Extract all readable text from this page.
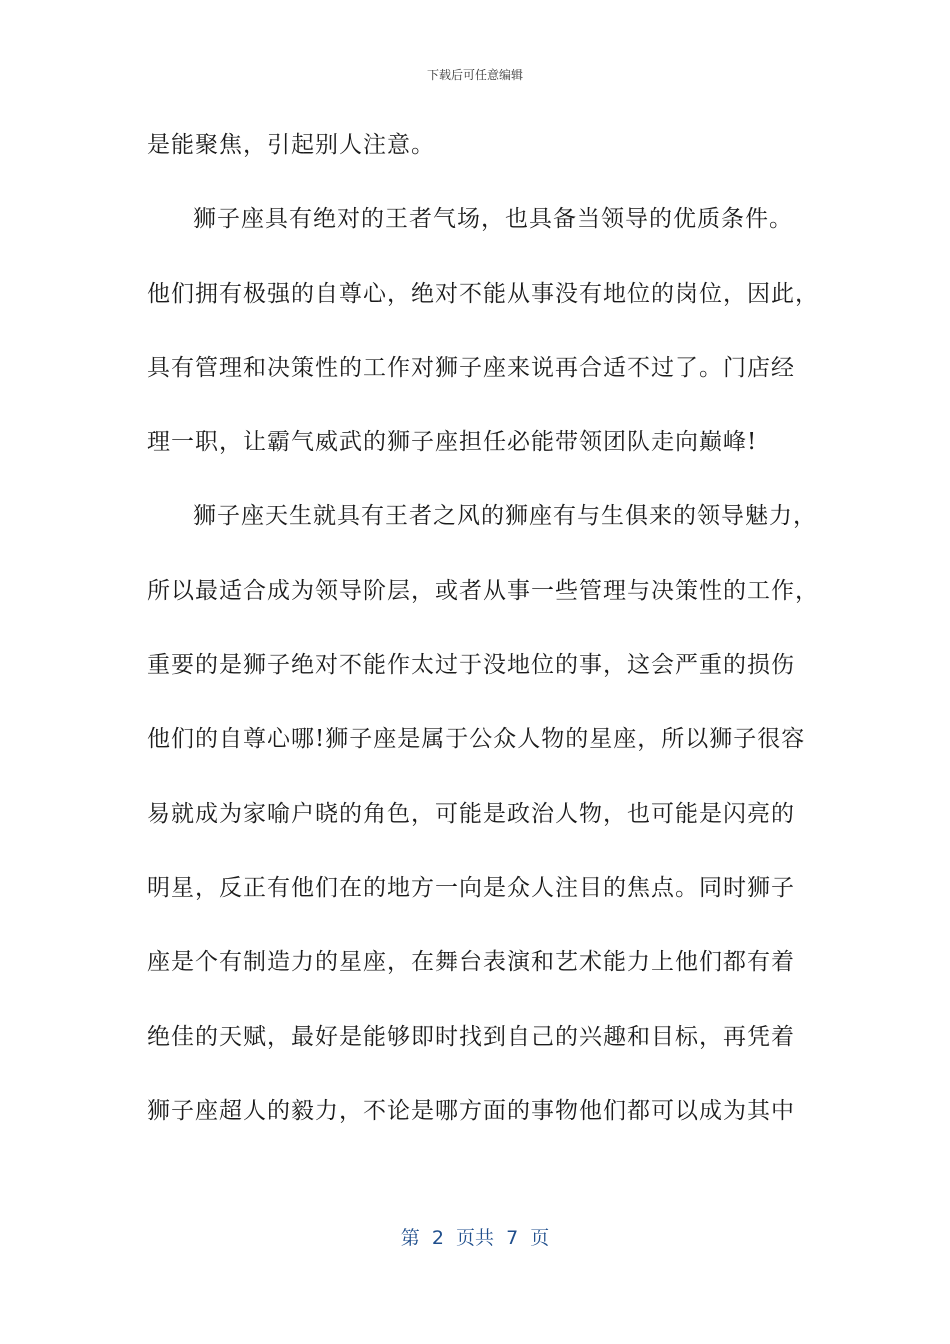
下载后可任意编辑
是能聚焦，引起别人注意。
狮子座具有绝对的王者气场，也具备当领导的优质条件。
他们拥有极强的自尊心，绝对不能从事没有地位的岗位，因此，
具有管理和决策性的工作对狮子座来说再合适不过了。门店经
理一职，让霸气威武的狮子座担任必能带领团队走向巅峰!
狮子座天生就具有王者之风的狮座有与生俱来的领导魅力，
所以最适合成为领导阶层，或者从事一些管理与决策性的工作，
重要的是狮子绝对不能作太过于没地位的事，这会严重的损伤
他们的自尊心哪!狮子座是属于公众人物的星座，所以狮子很容
易就成为家喻户晓的角色，可能是政治人物，也可能是闪亮的
明星，反正有他们在的地方一向是众人注目的焦点。同时狮子
座是个有制造力的星座，在舞台表演和艺术能力上他们都有着
绝佳的天赋，最好是能够即时找到自己的兴趣和目标，再凭着
狮子座超人的毅力，不论是哪方面的事物他们都可以成为其中
第  2  页共  7  页
